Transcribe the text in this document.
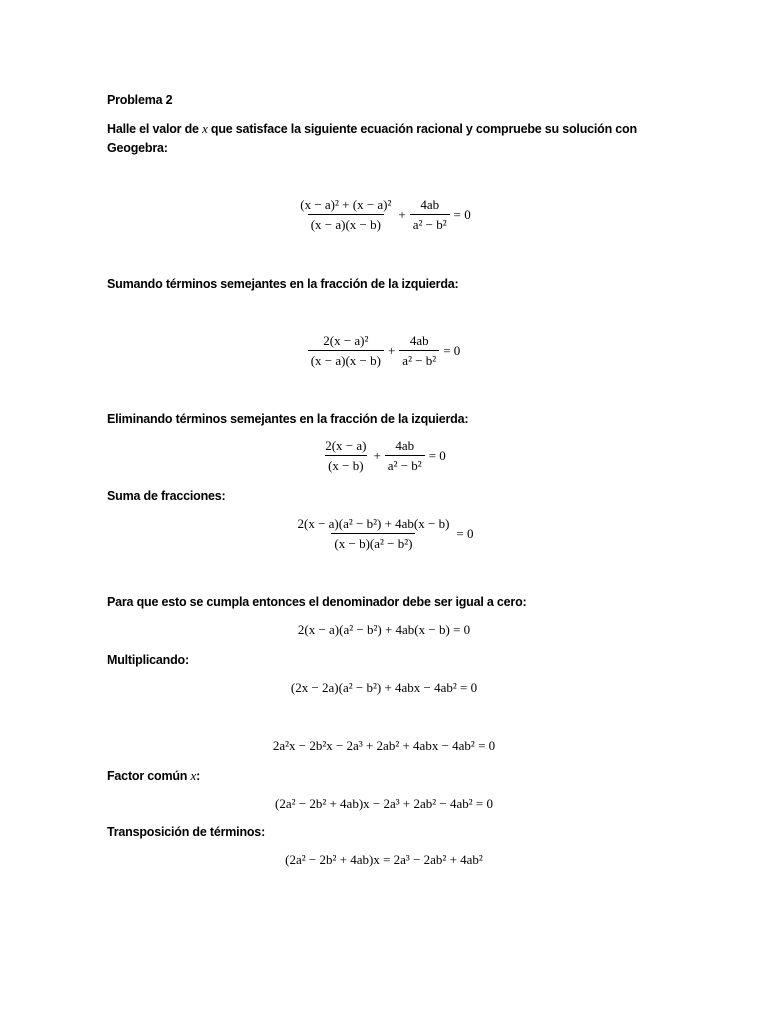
Problema 2
Halle el valor de x que satisface la siguiente ecuación racional y compruebe su solución con
Geogebra:
$\frac{\text{(x − a)² + (x − a)²}}{(x - a)(x - b)} + \frac{4ab}{\text{a² − b²}} = 0$
Sumando términos semejantes en la fracción de la izquierda:
$\frac{\text{2(x − a)²}}{(x - a)(x - b)} + \frac{4ab}{\text{a² − b²}} = 0$
Eliminando términos semejantes en la fracción de la izquierda:
$\frac{2(x - a)}{(x - b)} + \frac{4ab}{\text{a² − b²}} = 0$
Suma de fracciones:
$\frac{\text{2(x − a)(a² − b²) + 4ab(x − b)}}{\text{(x − b)(a² − b²)}} = 0$
Para que esto se cumpla entonces el denominador debe ser igual a cero:
2(x − a)(a² − b²) + 4ab(x − b) = 0
Multiplicando:
(2x − 2a)(a² − b²) + 4abx − 4ab² = 0
2a²x − 2b²x − 2a³ + 2ab² + 4abx − 4ab² = 0
Factor común x:
(2a² − 2b² + 4ab)x − 2a³ + 2ab² − 4ab² = 0
Transposición de términos:
(2a² − 2b² + 4ab)x = 2a³ − 2ab² + 4ab²
